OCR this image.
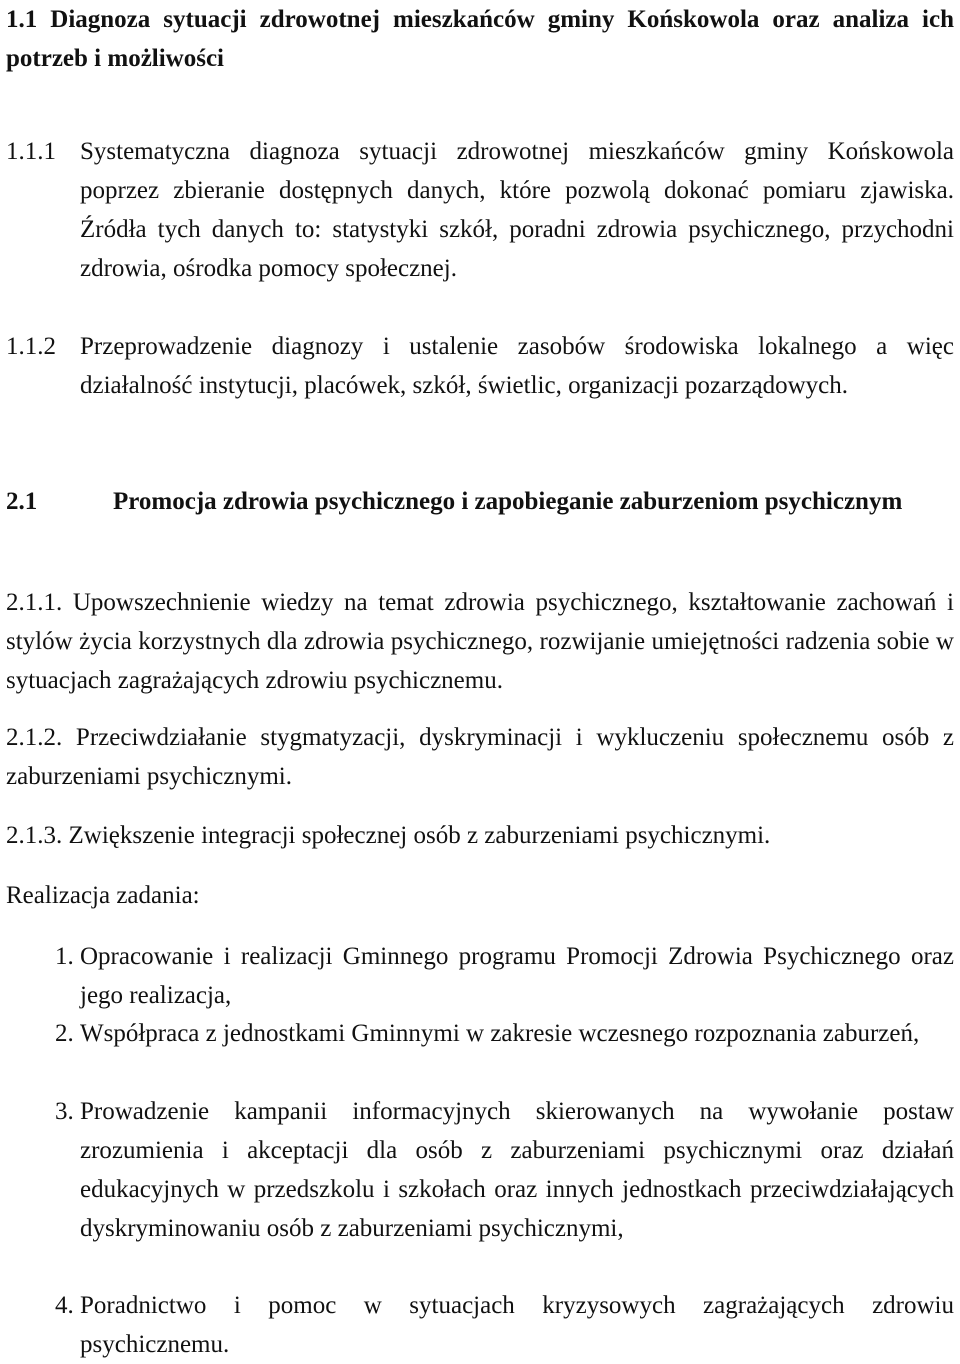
1.1 Diagnoza sytuacji zdrowotnej mieszkańców gminy Końskowola oraz analiza ich potrzeb i możliwości
1.1.1 Systematyczna diagnoza sytuacji zdrowotnej mieszkańców gminy Końskowola poprzez zbieranie dostępnych danych, które pozwolą dokonać pomiaru zjawiska. Źródła tych danych to: statystyki szkół, poradni zdrowia psychicznego, przychodni zdrowia, ośrodka pomocy społecznej.
1.1.2 Przeprowadzenie diagnozy i ustalenie zasobów środowiska lokalnego a więc działalność instytucji, placówek, szkół, świetlic, organizacji pozarządowych.
2.1	Promocja zdrowia psychicznego i zapobieganie zaburzeniom psychicznym
2.1.1. Upowszechnienie wiedzy na temat zdrowia psychicznego, kształtowanie zachowań i stylów życia korzystnych dla zdrowia psychicznego, rozwijanie umiejętności radzenia sobie w sytuacjach zagrażających zdrowiu psychicznemu.
2.1.2. Przeciwdziałanie stygmatyzacji, dyskryminacji i wykluczeniu społecznemu osób z zaburzeniami psychicznymi.
2.1.3. Zwiększenie integracji społecznej osób z zaburzeniami psychicznymi.
Realizacja zadania:
1. Opracowanie i realizacji Gminnego programu Promocji Zdrowia Psychicznego oraz jego realizacja,
2. Współpraca z jednostkami Gminnymi w zakresie wczesnego rozpoznania zaburzeń,
3. Prowadzenie kampanii informacyjnych skierowanych na wywołanie postaw zrozumienia i akceptacji dla osób z zaburzeniami psychicznymi oraz działań edukacyjnych w przedszkolu i szkołach oraz innych jednostkach przeciwdziałających dyskryminowaniu osób z zaburzeniami psychicznymi,
4. Poradnictwo i pomoc w sytuacjach kryzysowych zagrażających zdrowiu psychicznemu.
